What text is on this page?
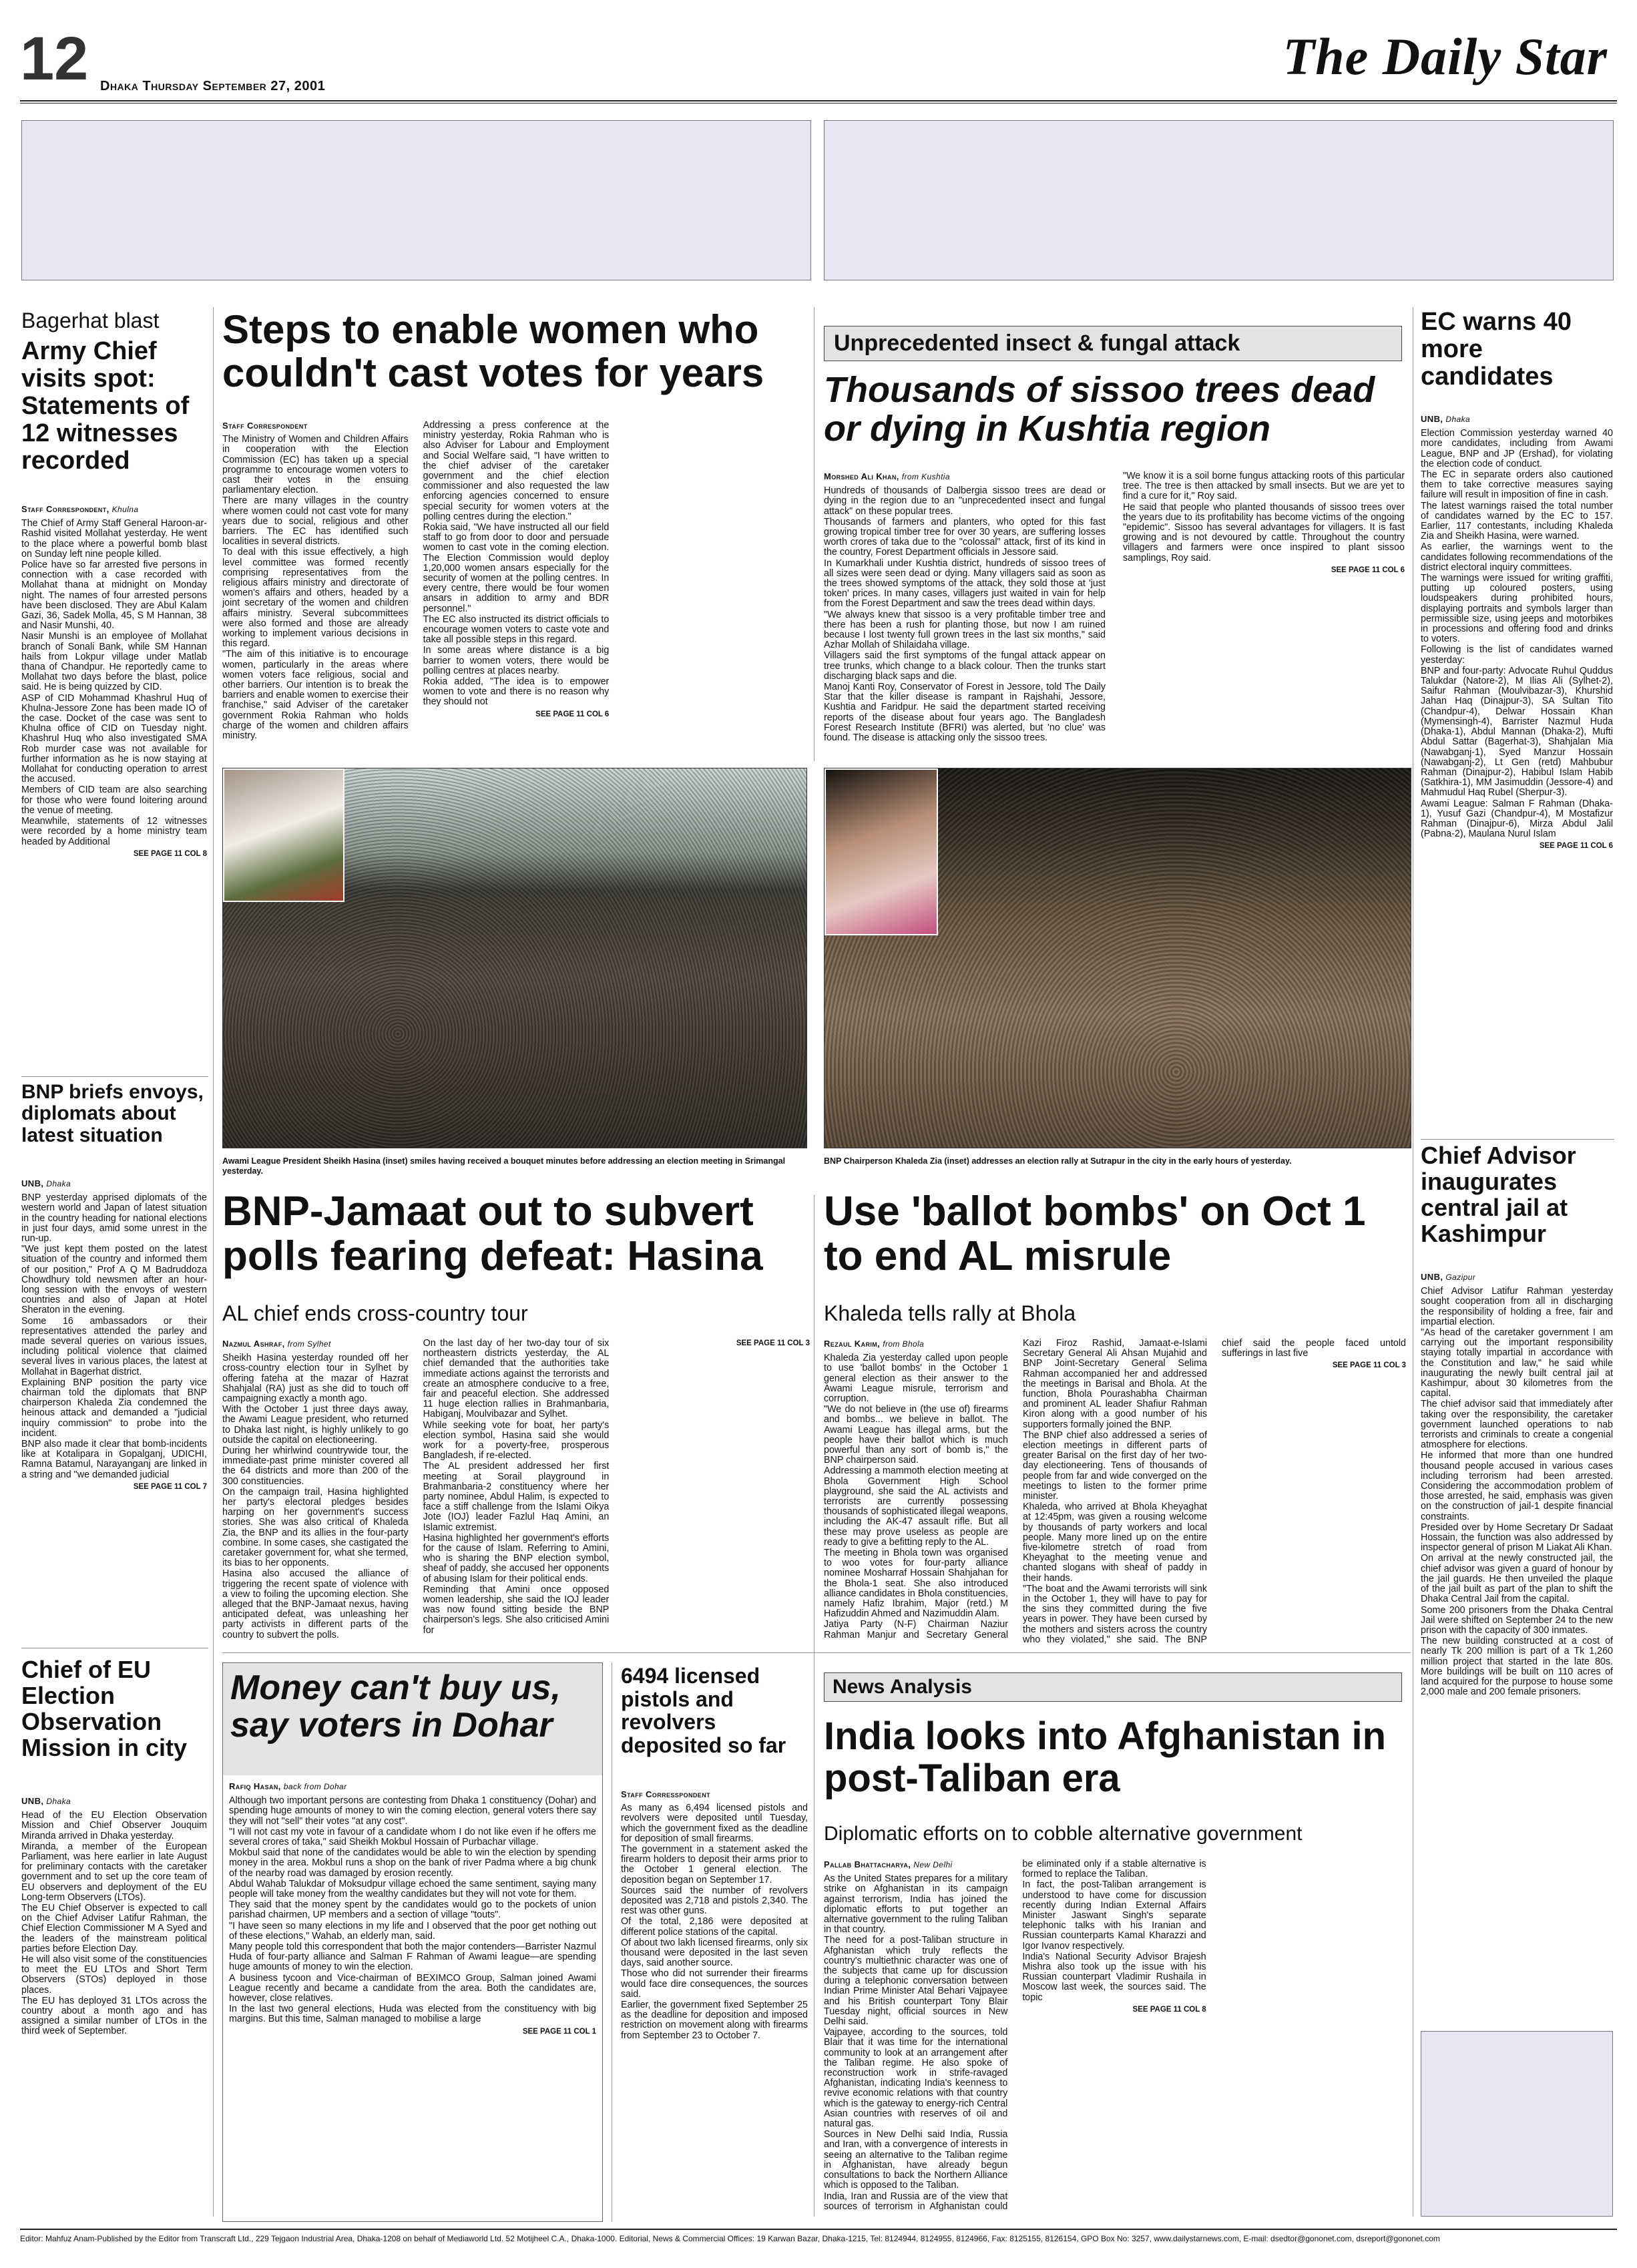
12 Dhaka Thursday September 27, 2001
The Daily Star
Bagerhat blast
Army Chief visits spot: Statements of 12 witnesses recorded
Staff Correspondent, Khulna

The Chief of Army Staff General Haroon-ar-Rashid visited Mollahat yesterday. He went to the place where a powerful bomb blast on Sunday left nine people killed.

Police have so far arrested five persons in connection with a case recorded with Mollahat thana at midnight on Monday night. The names of four arrested persons have been disclosed. They are Abul Kalam Gazi, 36, Sadek Molla, 45, S M Hannan, 38 and Nasir Munshi, 40.

Nasir Munshi is an employee of Mollahat branch of Sonali Bank, while SM Hannan hails from Lokpur village under Matlab thana of Chandpur. He reportedly came to Mollahat two days before the blast, police said. He is being quizzed by CID.

ASP of CID Mohammad Khashrul Huq of Khulna-Jessore Zone has been made IO of the case. Docket of the case was sent to Khulna office of CID on Tuesday night. Khashrul Huq who also investigated SMA Rob murder case was not available for further information as he is now staying at Mollahat for conducting operation to arrest the accused.

Members of CID team are also searching for those who were found loitering around the venue of meeting.

Meanwhile, statements of 12 witnesses were recorded by a home ministry team headed by Additional

SEE PAGE 11 COL 8
BNP briefs envoys, diplomats about latest situation
UNB, Dhaka

BNP yesterday apprised diplomats of the western world and Japan of latest situation in the country heading for national elections in just four days, amid some unrest in the run-up.

"We just kept them posted on the latest situation of the country and informed them of our position," Prof A Q M Badruddoza Chowdhury told newsmen after an hour-long session with the envoys of western countries and also of Japan at Hotel Sheraton in the evening.

Some 16 ambassadors or their representatives attended the parley and made several queries on various issues, including political violence that claimed several lives in various places, the latest at Mollahat in Bagerhat district.

Explaining BNP position the party vice chairman told the diplomats that BNP chairperson Khaleda Zia condemned the heinous attack and demanded a "judicial inquiry commission" to probe into the incident.

BNP also made it clear that bomb-incidents like at Kotalipara in Gopalganj, UDICHI, Ramna Batamul, Narayanganj are linked in a string and "we demanded judicial

SEE PAGE 11 COL 7
Chief of EU Election Observation Mission in city
UNB, Dhaka

Head of the EU Election Observation Mission and Chief Observer Jouquim Miranda arrived in Dhaka yesterday.

Miranda, a member of the European Parliament, was here earlier in late August for preliminary contacts with the caretaker government and to set up the core team of EU observers and deployment of the EU Long-term Observers (LTOs).

The EU Chief Observer is expected to call on the Chief Adviser Latifur Rahman, the Chief Election Commissioner M A Syed and the leaders of the mainstream political parties before Election Day.

He will also visit some of the constituencies to meet the EU LTOs and Short Term Observers (STOs) deployed in those places.

The EU has deployed 31 LTOs across the country about a month ago and has assigned a similar number of LTOs in the third week of September.

Steps to enable women who couldn't cast votes for years
Staff Correspondent

The Ministry of Women and Children Affairs in cooperation with the Election Commission (EC) has taken up a special programme to encourage women voters to cast their votes in the ensuing parliamentary election.

There are many villages in the country where women could not cast vote for many years due to social, religious and other barriers. The EC has identified such localities in several districts.

To deal with this issue effectively, a high level committee was formed recently comprising representatives from the religious affairs ministry and directorate of women's affairs and others, headed by a joint secretary of the women and children affairs ministry. Several subcommittees were also formed and those are already working to implement various decisions in this regard.

"The aim of this initiative is to encourage women, particularly in the areas where women voters face religious, social and other barriers. Our intention is to break the barriers and enable women to exercise their franchise," said Adviser of the caretaker government Rokia Rahman who holds charge of the women and children affairs ministry.

Addressing a press conference at the ministry yesterday, Rokia Rahman who is also Adviser for Labour and Employment and Social Welfare said, "I have written to the chief adviser of the caretaker government and the chief election commissioner and also requested the law enforcing agencies concerned to ensure special security for women voters at the polling centres during the election."

Rokia said, "We have instructed all our field staff to go from door to door and persuade women to cast vote in the coming election. The Election Commission would deploy 1,20,000 women ansars especially for the security of women at the polling centres. In every centre, there would be four women ansars in addition to army and BDR personnel."

The EC also instructed its district officials to encourage women voters to caste vote and take all possible steps in this regard.

In some areas where distance is a big barrier to women voters, there would be polling centres at places nearby.

Rokia added, "The idea is to empower women to vote and there is no reason why they should not

SEE PAGE 11 COL 6
Unprecedented insect & fungal attack
Thousands of sissoo trees dead or dying in Kushtia region
Morshed Ali Khan, from Kushtia

Hundreds of thousands of Dalbergia sissoo trees are dead or dying in the region due to an "unprecedented insect and fungal attack" on these popular trees.

Thousands of farmers and planters, who opted for this fast growing tropical timber tree for over 30 years, are suffering losses worth crores of taka due to the "colossal" attack, first of its kind in the country, Forest Department officials in Jessore said.

In Kumarkhali under Kushtia district, hundreds of sissoo trees of all sizes were seen dead or dying. Many villagers said as soon as the trees showed symptoms of the attack, they sold those at 'just token' prices. In many cases, villagers just waited in vain for help from the Forest Department and saw the trees dead within days.

"We always knew that sissoo is a very profitable timber tree and there has been a rush for planting those, but now I am ruined because I lost twenty full grown trees in the last six months," said Azhar Mollah of Shilaidaha village.

Villagers said the first symptoms of the fungal attack appear on tree trunks, which change to a black colour. Then the trunks start discharging black saps and die.

Manoj Kanti Roy, Conservator of Forest in Jessore, told The Daily Star that the killer disease is rampant in Rajshahi, Jessore, Kushtia and Faridpur. He said the department started receiving reports of the disease about four years ago. The Bangladesh Forest Research Institute (BFRI) was alerted, but 'no clue' was found. The disease is attacking only the sissoo trees.

"We know it is a soil borne fungus attacking roots of this particular tree. The tree is then attacked by small insects. But we are yet to find a cure for it," Roy said.

He said that people who planted thousands of sissoo trees over the years due to its profitability has become victims of the ongoing "epidemic". Sissoo has several advantages for villagers. It is fast growing and is not devoured by cattle. Throughout the country villagers and farmers were once inspired to plant sissoo samplings, Roy said.

SEE PAGE 11 COL 6
EC warns 40 more candidates
UNB, Dhaka

Election Commission yesterday warned 40 more candidates, including from Awami League, BNP and JP (Ershad), for violating the election code of conduct.

The EC in separate orders also cautioned them to take corrective measures saying failure will result in imposition of fine in cash.

The latest warnings raised the total number of candidates warned by the EC to 157. Earlier, 117 contestants, including Khaleda Zia and Sheikh Hasina, were warned.

As earlier, the warnings went to the candidates following recommendations of the district electoral inquiry committees.

The warnings were issued for writing graffiti, putting up coloured posters, using loudspeakers during prohibited hours, displaying portraits and symbols larger than permissible size, using jeeps and motorbikes in processions and offering food and drinks to voters.

Following is the list of candidates warned yesterday:

BNP and four-party: Advocate Ruhul Quddus Talukdar (Natore-2), M Ilias Ali (Sylhet-2), Saifur Rahman (Moulvibazar-3), Khurshid Jahan Haq (Dinajpur-3), SA Sultan Tito (Chandpur-4), Delwar Hossain Khan (Mymensingh-4), Barrister Nazmul Huda (Dhaka-1), Abdul Mannan (Dhaka-2), Mufti Abdul Sattar (Bagerhat-3), Shahjalan Mia (Nawabganj-1), Syed Manzur Hossain (Nawabganj-2), Lt Gen (retd) Mahbubur Rahman (Dinajpur-2), Habibul Islam Habib (Satkhira-1), MM Jasimuddin (Jessore-4) and Mahmudul Haq Rubel (Sherpur-3).

Awami League: Salman F Rahman (Dhaka-1), Yusuf Gazi (Chandpur-4), M Mostafizur Rahman (Dinajpur-6), Mirza Abdul Jalil (Pabna-2), Maulana Nurul Islam

SEE PAGE 11 COL 6
Chief Advisor inaugurates central jail at Kashimpur
UNB, Gazipur

Chief Advisor Latifur Rahman yesterday sought cooperation from all in discharging the responsibility of holding a free, fair and impartial election.

"As head of the caretaker government I am carrying out the important responsibility staying totally impartial in accordance with the Constitution and law," he said while inaugurating the newly built central jail at Kashimpur, about 30 kilometres from the capital.

The chief advisor said that immediately after taking over the responsibility, the caretaker government launched operations to nab terrorists and criminals to create a congenial atmosphere for elections.

He informed that more than one hundred thousand people accused in various cases including terrorism had been arrested. Considering the accommodation problem of those arrested, he said, emphasis was given on the construction of jail-1 despite financial constraints.

Presided over by Home Secretary Dr Sadaat Hossain, the function was also addressed by inspector general of prison M Liakat Ali Khan.

On arrival at the newly constructed jail, the chief advisor was given a guard of honour by the jail guards. He then unveiled the plaque of the jail built as part of the plan to shift the Dhaka Central Jail from the capital.

Some 200 prisoners from the Dhaka Central Jail were shifted on September 24 to the new prison with the capacity of 300 inmates.

The new building constructed at a cost of nearly Tk 200 million is part of a Tk 1,260 million project that started in the late 80s. More buildings will be built on 110 acres of land acquired for the purpose to house some 2,000 male and 200 female prisoners.

Awami League President Sheikh Hasina (inset) smiles having received a bouquet minutes before addressing an election meeting in Srimangal yesterday.
BNP Chairperson Khaleda Zia (inset) addresses an election rally at Sutrapur in the city in the early hours of yesterday.
BNP-Jamaat out to subvert polls fearing defeat: Hasina
AL chief ends cross-country tour
Nazmul Ashraf, from Sylhet

Sheikh Hasina yesterday rounded off her cross-country election tour in Sylhet by offering fateha at the mazar of Hazrat Shahjalal (RA) just as she did to touch off campaigning exactly a month ago.

With the October 1 just three days away, the Awami League president, who returned to Dhaka last night, is highly unlikely to go outside the capital on electioneering.

During her whirlwind countrywide tour, the immediate-past prime minister covered all the 64 districts and more than 200 of the 300 constituencies.

On the campaign trail, Hasina highlighted her party's electoral pledges besides harping on her government's success stories. She was also critical of Khaleda Zia, the BNP and its allies in the four-party combine. In some cases, she castigated the caretaker government for, what she termed, its bias to her opponents.

Hasina also accused the alliance of triggering the recent spate of violence with a view to foiling the upcoming election. She alleged that the BNP-Jamaat nexus, having anticipated defeat, was unleashing her party activists in different parts of the country to subvert the polls.

On the last day of her two-day tour of six northeastern districts yesterday, the AL chief demanded that the authorities take immediate actions against the terrorists and create an atmosphere conducive to a free, fair and peaceful election. She addressed 11 huge election rallies in Brahmanbaria, Habiganj, Moulvibazar and Sylhet.

While seeking vote for boat, her party's election symbol, Hasina said she would work for a poverty-free, prosperous Bangladesh, if re-elected.

The AL president addressed her first meeting at Sorail playground in Brahmanbaria-2 constituency where her party nominee, Abdul Halim, is expected to face a stiff challenge from the Islami Oikya Jote (IOJ) leader Fazlul Haq Amini, an Islamic extremist.

Hasina highlighted her government's efforts for the cause of Islam. Referring to Amini, who is sharing the BNP election symbol, sheaf of paddy, she accused her opponents of abusing Islam for their political ends.

Reminding that Amini once opposed women leadership, she said the IOJ leader was now found sitting beside the BNP chairperson's legs. She also criticised Amini for

SEE PAGE 11 COL 3
Use 'ballot bombs' on Oct 1 to end AL misrule
Khaleda tells rally at Bhola
Rezaul Karim, from Bhola

Khaleda Zia yesterday called upon people to use 'ballot bombs' in the October 1 general election as their answer to the Awami League misrule, terrorism and corruption.

"We do not believe in (the use of) firearms and bombs... we believe in ballot. The Awami League has illegal arms, but the people have their ballot which is much powerful than any sort of bomb is," the BNP chairperson said.

Addressing a mammoth election meeting at Bhola Government High School playground, she said the AL activists and terrorists are currently possessing thousands of sophisticated illegal weapons, including the AK-47 assault rifle. But all these may prove useless as people are ready to give a befitting reply to the AL.

The meeting in Bhola town was organised to woo votes for four-party alliance nominee Mosharraf Hossain Shahjahan for the Bhola-1 seat. She also introduced alliance candidates in Bhola constituencies, namely Hafiz Ibrahim, Major (retd.) M Hafizuddin Ahmed and Nazimuddin Alam.

Jatiya Party (N-F) Chairman Naziur Rahman Manjur and Secretary General Kazi Firoz Rashid, Jamaat-e-Islami Secretary General Ali Ahsan Mujahid and BNP Joint-Secretary General Selima Rahman accompanied her and addressed the meetings in Barisal and Bhola. At the function, Bhola Pourashabha Chairman and prominent AL leader Shafiur Rahman Kiron along with a good number of his supporters formally joined the BNP.

The BNP chief also addressed a series of election meetings in different parts of greater Barisal on the first day of her two-day electioneering. Tens of thousands of people from far and wide converged on the meetings to listen to the former prime minister.

Khaleda, who arrived at Bhola Kheyaghat at 12:45pm, was given a rousing welcome by thousands of party workers and local people. Many more lined up on the entire five-kilometre stretch of road from Kheyaghat to the meeting venue and chanted slogans with sheaf of paddy in their hands.

"The boat and the Awami terrorists will sink in the October 1, they will have to pay for the sins they committed during the five years in power. They have been cursed by the mothers and sisters across the country who they violated," she said. The BNP chief said the people faced untold sufferings in last five

SEE PAGE 11 COL 3
Money can't buy us, say voters in Dohar
Rafiq Hasan, back from Dohar

Although two important persons are contesting from Dhaka 1 constituency (Dohar) and spending huge amounts of money to win the coming election, general voters there say they will not "sell" their votes "at any cost".

"I will not cast my vote in favour of a candidate whom I do not like even if he offers me several crores of taka," said Sheikh Mokbul Hossain of Purbachar village.

Mokbul said that none of the candidates would be able to win the election by spending money in the area. Mokbul runs a shop on the bank of river Padma where a big chunk of the nearby road was damaged by erosion recently.

Abdul Wahab Talukdar of Moksudpur village echoed the same sentiment, saying many people will take money from the wealthy candidates but they will not vote for them.

They said that the money spent by the candidates would go to the pockets of union parishad chairmen, UP members and a section of village "touts".

"I have seen so many elections in my life and I observed that the poor get nothing out of these elections," Wahab, an elderly man, said.

Many people told this correspondent that both the major contenders—Barrister Nazmul Huda of four-party alliance and Salman F Rahman of Awami league—are spending huge amounts of money to win the election.

A business tycoon and Vice-chairman of BEXIMCO Group, Salman joined Awami League recently and became a candidate from the area. Both the candidates are, however, close relatives.

In the last two general elections, Huda was elected from the constituency with big margins. But this time, Salman managed to mobilise a large

SEE PAGE 11 COL 1
6494 licensed pistols and revolvers deposited so far
Staff Corresspondent

As many as 6,494 licensed pistols and revolvers were deposited until Tuesday, which the government fixed as the deadline for deposition of small firearms.

The government in a statement asked the firearm holders to deposit their arms prior to the October 1 general election. The deposition began on September 17.

Sources said the number of revolvers deposited was 2,718 and pistols 2,340. The rest was other guns.

Of the total, 2,186 were deposited at different police stations of the capital.

Of about two lakh licensed firearms, only six thousand were deposited in the last seven days, said another source.

Those who did not surrender their firearms would face dire consequences, the sources said.

Earlier, the government fixed September 25 as the deadline for deposition and imposed restriction on movement along with firearms from September 23 to October 7.

News Analysis
India looks into Afghanistan in post-Taliban era
Diplomatic efforts on to cobble alternative government
Pallab Bhattacharya, New Delhi

As the United States prepares for a military strike on Afghanistan in its campaign against terrorism, India has joined the diplomatic efforts to put together an alternative government to the ruling Taliban in that country.

The need for a post-Taliban structure in Afghanistan which truly reflects the country's multiethnic character was one of the subjects that came up for discussion during a telephonic conversation between Indian Prime Minister Atal Behari Vajpayee and his British counterpart Tony Blair Tuesday night, official sources in New Delhi said.

Vajpayee, according to the sources, told Blair that it was time for the international community to look at an arrangement after the Taliban regime. He also spoke of reconstruction work in strife-ravaged Afghanistan, indicating India's keenness to revive economic relations with that country which is the gateway to energy-rich Central Asian countries with reserves of oil and natural gas.

Sources in New Delhi said India, Russia and Iran, with a convergence of interests in seeing an alternative to the Taliban regime in Afghanistan, have already begun consultations to back the Northern Alliance which is opposed to the Taliban.

India, Iran and Russia are of the view that sources of terrorism in Afghanistan could be eliminated only if a stable alternative is formed to replace the Taliban.

In fact, the post-Taliban arrangement is understood to have come for discussion recently during Indian External Affairs Minister Jaswant Singh's separate telephonic talks with his Iranian and Russian counterparts Kamal Kharazzi and Igor Ivanov respectively.

India's National Security Advisor Brajesh Mishra also took up the issue with his Russian counterpart Vladimir Rushaila in Moscow last week, the sources said. The topic

SEE PAGE 11 COL 8
Editor: Mahfuz Anam-Published by the Editor from Transcraft Ltd., 229 Tejgaon Industrial Area, Dhaka-1208 on behalf of Mediaworld Ltd. 52 Motijheel C.A., Dhaka-1000. Editorial, News & Commercial Offices: 19 Karwan Bazar, Dhaka-1215, Tel: 8124944, 8124955, 8124966, Fax: 8125155, 8126154, GPO Box No: 3257, www.dailystarnews.com, E-mail: dsedtor@gononet.com, dsreport@gononet.com
